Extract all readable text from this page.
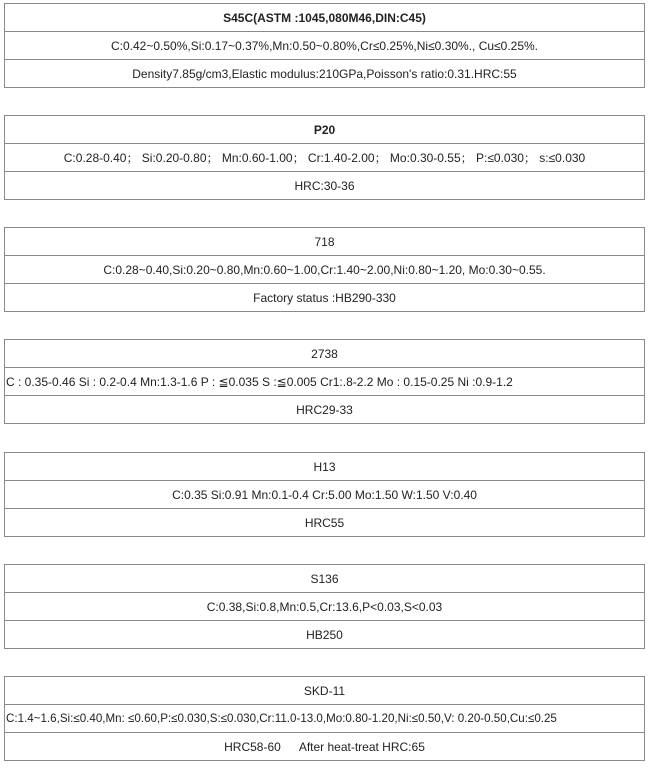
S45C(ASTM :1045,080M46,DIN:C45)
C:0.42~0.50%,Si:0.17~0.37%,Mn:0.50~0.80%,Cr≤0.25%,Ni≤0.30%., Cu≤0.25%.
Density7.85g/cm3,Elastic modulus:210GPa,Poisson's ratio:0.31.HRC:55
P20
C:0.28-0.40； Si:0.20-0.80； Mn:0.60-1.00； Cr:1.40-2.00； Mo:0.30-0.55； P:≤0.030； s:≤0.030
HRC:30-36
718
C:0.28~0.40,Si:0.20~0.80,Mn:0.60~1.00,Cr:1.40~2.00,Ni:0.80~1.20, Mo:0.30~0.55.
Factory status :HB290-330
2738
C : 0.35-0.46 Si : 0.2-0.4 Mn:1.3-1.6 P : ≦0.035 S :≦0.005 Cr1:.8-2.2 Mo : 0.15-0.25 Ni :0.9-1.2
HRC29-33
H13
C:0.35 Si:0.91 Mn:0.1-0.4 Cr:5.00 Mo:1.50 W:1.50 V:0.40
HRC55
S136
C:0.38,Si:0.8,Mn:0.5,Cr:13.6,P<0.03,S<0.03
HB250
SKD-11
C:1.4~1.6,Si:≤0.40,Mn: ≤0.60,P:≤0.030,S:≤0.030,Cr:11.0-13.0,Mo:0.80-1.20,Ni:≤0.50,V: 0.20-0.50,Cu:≤0.25
HRC58-60 After heat-treat HRC:65
